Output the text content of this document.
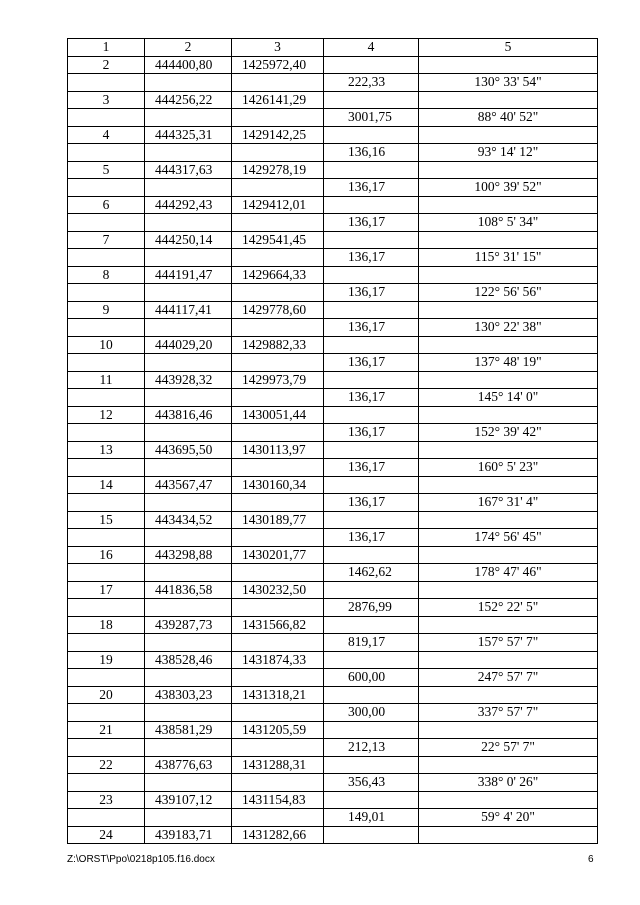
1	2	3	4	5
2	444400,80	1425972,40		
			222,33	130° 33' 54"
3	444256,22	1426141,29		
			3001,75	88° 40' 52"
4	444325,31	1429142,25		
			136,16	93° 14' 12"
5	444317,63	1429278,19		
			136,17	100° 39' 52"
6	444292,43	1429412,01		
			136,17	108° 5' 34"
7	444250,14	1429541,45		
			136,17	115° 31' 15"
8	444191,47	1429664,33		
			136,17	122° 56' 56"
9	444117,41	1429778,60		
			136,17	130° 22' 38"
10	444029,20	1429882,33		
			136,17	137° 48' 19"
11	443928,32	1429973,79		
			136,17	145° 14' 0"
12	443816,46	1430051,44		
			136,17	152° 39' 42"
13	443695,50	1430113,97		
			136,17	160° 5' 23"
14	443567,47	1430160,34		
			136,17	167° 31' 4"
15	443434,52	1430189,77		
			136,17	174° 56' 45"
16	443298,88	1430201,77		
			1462,62	178° 47' 46"
17	441836,58	1430232,50		
			2876,99	152° 22' 5"
18	439287,73	1431566,82		
			819,17	157° 57' 7"
19	438528,46	1431874,33		
			600,00	247° 57' 7"
20	438303,23	1431318,21		
			300,00	337° 57' 7"
21	438581,29	1431205,59		
			212,13	22° 57' 7"
22	438776,63	1431288,31		
			356,43	338° 0' 26"
23	439107,12	1431154,83		
			149,01	59° 4' 20"
24	439183,71	1431282,66		
Z:\ORST\Ppo\0218p105.f16.docx	6
